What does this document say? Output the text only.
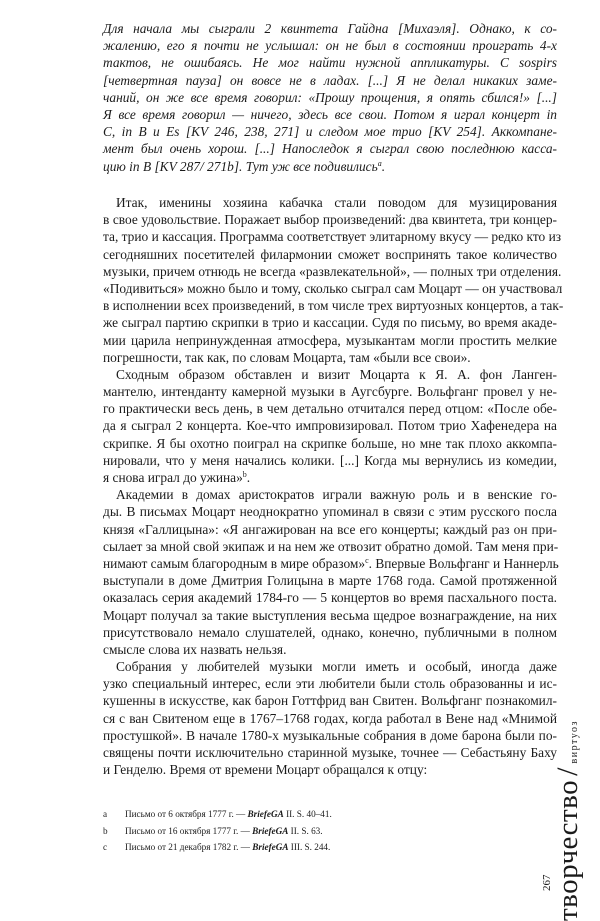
Для начала мы сыграли 2 квинтета Гайдна [Михаэля]. Однако, к со-
жалению, его я почти не услышал: он не был в состоянии проиграть 4-х
тактов, не ошибаясь. Не мог найти нужной аппликатуры. С sospirs
[четвертная пауза] он вовсе не в ладах. [...] Я не делал никаких заме-
чаний, он же все время говорил: «Прошу прощения, я опять сбился!» [...]
Я все время говорил — ничего, здесь все свои. Потом я играл концерт in
C, in B и Es [KV 246, 238, 271] и следом мое трио [KV 254]. Аккомпане-
мент был очень хорош. [...] Напоследок я сыграл свою последнюю касса-
цию in B [KV 287/ 271b]. Тут уж все подивились$^a$.
Итак, именины хозяина кабачка стали поводом для музицирования
в свое удовольствие. Поражает выбор произведений: два квинтета, три концер-
та, трио и кассация. Программа соответствует элитарному вкусу — редко кто из
сегодняшних посетителей филармонии сможет воспринять такое количество
музыки, причем отнюдь не всегда «развлекательной», — полных три отделения.
«Подивиться» можно было и тому, сколько сыграл сам Моцарт — он участвовал
в исполнении всех произведений, в том числе трех виртуозных концертов, а так-
же сыграл партию скрипки в трио и кассации. Судя по письму, во время акаде-
мии царила непринужденная атмосфера, музыкантам могли простить мелкие
погрешности, так как, по словам Моцарта, там «были все свои».
Сходным образом обставлен и визит Моцарта к Я. А. фон Ланген-
мантелю, интенданту камерной музыки в Аугсбурге. Вольфганг провел у не-
го практически весь день, в чем детально отчитался перед отцом: «После обе-
да я сыграл 2 концерта. Кое-что импровизировал. Потом трио Хафенедера на
скрипке. Я бы охотно поиграл на скрипке больше, но мне так плохо аккомпа-
нировали, что у меня начались колики. [...] Когда мы вернулись из комедии,
я снова играл до ужина»$^b$.
Академии в домах аристократов играли важную роль и в венские го-
ды. В письмах Моцарт неоднократно упоминал в связи с этим русского посла
князя «Галлицына»: «Я ангажирован на все его концерты; каждый раз он при-
сылает за мной свой экипаж и на нем же отвозит обратно домой. Там меня при-
нимают самым благородным в мире образом»$^c$. Впервые Вольфганг и Наннерль
выступали в доме Дмитрия Голицына в марте 1768 года. Самой протяженной
оказалась серия академий 1784-го — 5 концертов во время пасхального поста.
Моцарт получал за такие выступления весьма щедрое вознаграждение, на них
присутствовало немало слушателей, однако, конечно, публичными в полном
смысле слова их назвать нельзя.
Собрания у любителей музыки могли иметь и особый, иногда даже
узко специальный интерес, если эти любители были столь образованны и ис-
кушенны в искусстве, как барон Готтфрид ван Свитен. Вольфганг познакомил-
ся с ван Свитеном еще в 1767–1768 годах, когда работал в Вене над «Мнимой
простушкой». В начале 1780-х музыкальные собрания в доме барона были по-
священы почти исключительно старинной музыке, точнее — Себастьяну Баху
и Генделю. Время от времени Моцарт обращался к отцу:
a	Письмо от 6 октября 1777 г. — BriefeGA II. S. 40–41.
b	Письмо от 16 октября 1777 г. — BriefeGA II. S. 63.
c	Письмо от 21 декабря 1782 г. — BriefeGA III. S. 244.
267 творчество/виртуоз
